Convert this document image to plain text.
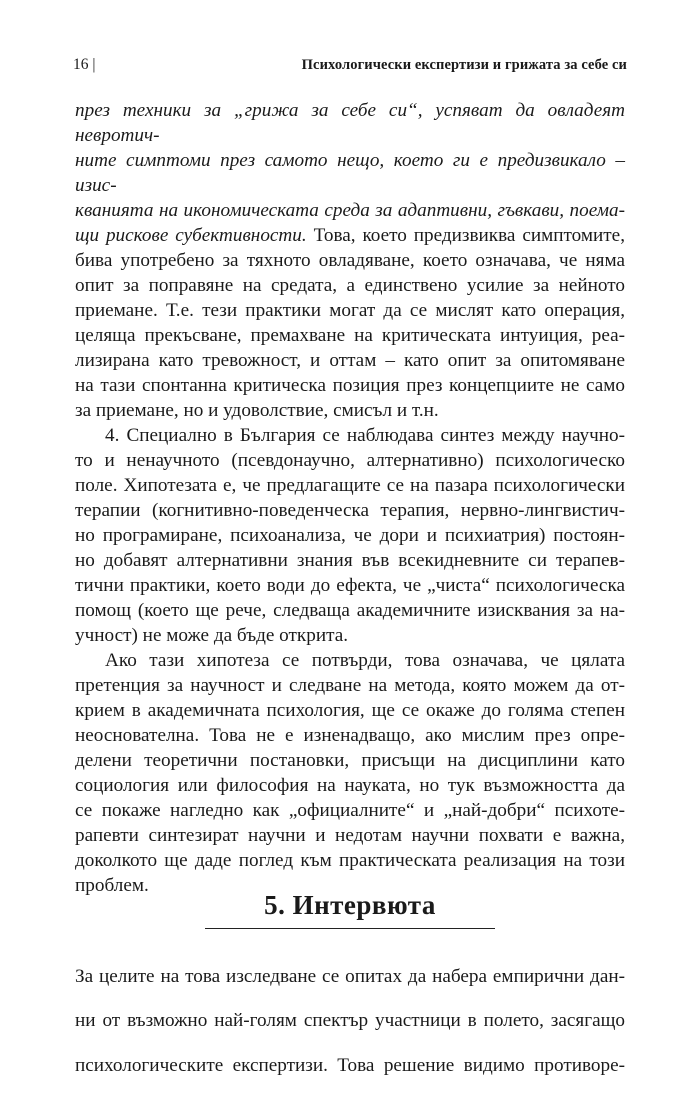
16 |	Психологически експертизи и грижата за себе си

през техники за „грижа за себе си“, успяват да овладеят невротич-

ните симптоми през самото нещо, което ги е предизвикало – изис-

кванията на икономическата среда за адаптивни, гъвкави, поема-

щи рискове субективности. Това, което предизвиква симптомите,

бива употребено за тяхното овладяване, което означава, че няма

опит за поправяне на средата, а единствено усилие за нейното

приемане. Т.е. тези практики могат да се мислят като операция,

целяща прекъсване, премахване на критическата интуиция, реа-

лизирана като тревожност, и оттам – като опит за опитомяване

на тази спонтанна критическа позиция през концепциите не само

за приемане, но и удоволствие, смисъл и т.н.

4. Специално в България се наблюдава синтез между научно-

то и ненаучното (псевдонаучно, алтернативно) психологическо

поле. Хипотезата е, че предлагащите се на пазара психологически

терапии (когнитивно-поведенческа терапия, нервно-лингвистич-

но програмиране, психоанализа, че дори и психиатрия) постоян-

но добавят алтернативни знания във всекидневните си терапев-

тични практики, което води до ефекта, че „чиста“ психологическа

помощ (което ще рече, следваща академичните изисквания за на-

учност) не може да бъде открита.

Ако тази хипотеза се потвърди, това означава, че цялата

претенция за научност и следване на метода, която можем да от-

крием в академичната психология, ще се окаже до голяма степен

неоснователна. Това не е изненадващо, ако мислим през опре-

делени теоретични постановки, присъщи на дисциплини като

социология или философия на науката, но тук възможността да

се покаже нагледно как „официалните“ и „най-добри“ психоте-

рапевти синтезират научни и недотам научни похвати е важна,

доколкото ще даде поглед към практическата реализация на този

проблем.

5. Интервюта

За целите на това изследване се опитах да набера емпирични дан-

ни от възможно най-голям спектър участници в полето, засягащо

психологическите експертизи. Това решение видимо противоре-
